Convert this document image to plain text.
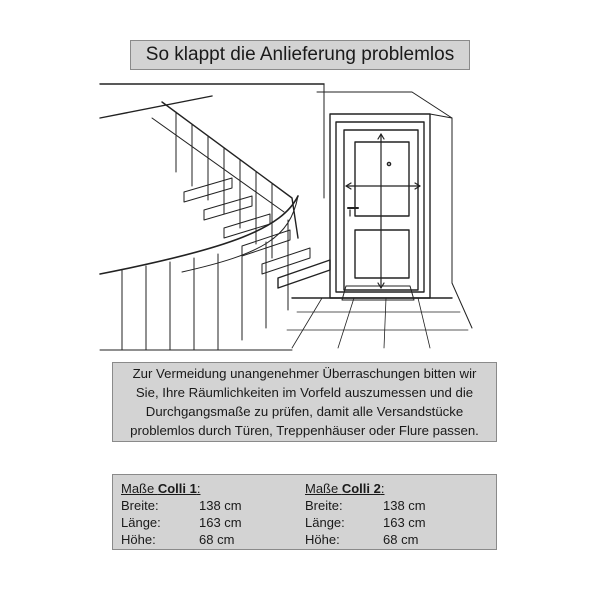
So klappt die Anlieferung problemlos
Zur Vermeidung unangenehmer Überraschungen bitten wir Sie, Ihre Räumlichkeiten im Vorfeld auszumessen und die Durchgangsmaße zu prüfen, damit alle Versandstücke problemlos durch Türen, Treppenhäuser oder Flure passen.
Maße Colli 1:
Breite:	138 cm
Länge:	163 cm
Höhe:	68 cm
Maße Colli 2:
Breite:	138 cm
Länge:	163 cm
Höhe:	68 cm
